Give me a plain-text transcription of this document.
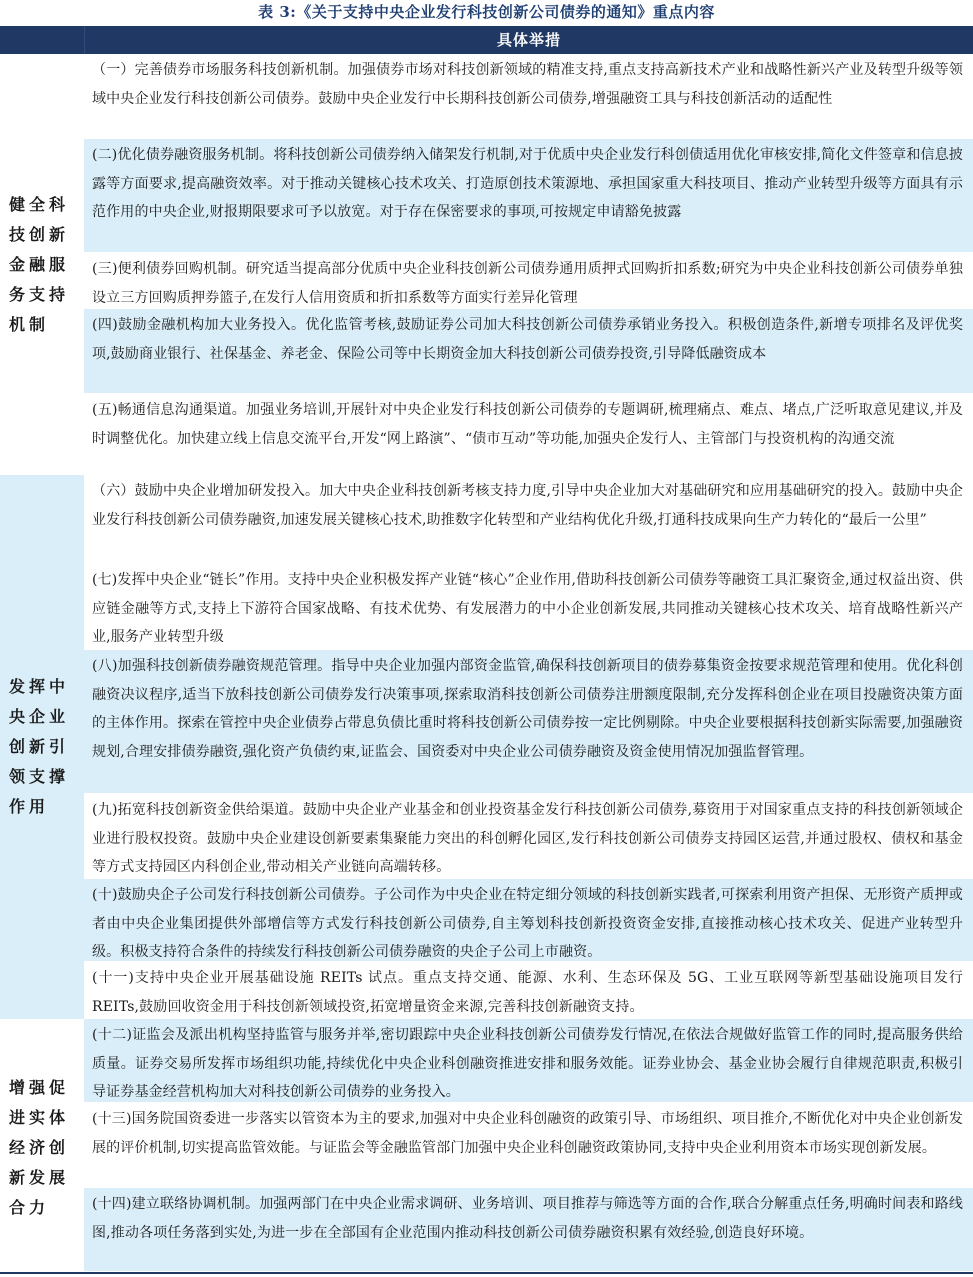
表 3:《关于支持中央企业发行科技创新公司债券的通知》重点内容
具体举措
健全科技创新金融服务支持机制
发挥中央企业创新引领支撑作用
增强促进实体经济创新发展合力
（一）完善债券市场服务科技创新机制。加强债券市场对科技创新领域的精准支持,重点支持高新技术产业和战略性新兴产业及转型升级等领域中央企业发行科技创新公司债券。鼓励中央企业发行中长期科技创新公司债券,增强融资工具与科技创新活动的适配性
(二)优化债券融资服务机制。将科技创新公司债券纳入储架发行机制,对于优质中央企业发行科创债适用优化审核安排,简化文件签章和信息披露等方面要求,提高融资效率。对于推动关键核心技术攻关、打造原创技术策源地、承担国家重大科技项目、推动产业转型升级等方面具有示范作用的中央企业,财报期限要求可予以放宽。对于存在保密要求的事项,可按规定申请豁免披露
(三)便利债券回购机制。研究适当提高部分优质中央企业科技创新公司债券通用质押式回购折扣系数;研究为中央企业科技创新公司债券单独设立三方回购质押券篮子,在发行人信用资质和折扣系数等方面实行差异化管理
(四)鼓励金融机构加大业务投入。优化监管考核,鼓励证券公司加大科技创新公司债券承销业务投入。积极创造条件,新增专项排名及评优奖项,鼓励商业银行、社保基金、养老金、保险公司等中长期资金加大科技创新公司债券投资,引导降低融资成本
(五)畅通信息沟通渠道。加强业务培训,开展针对中央企业发行科技创新公司债券的专题调研,梳理痛点、难点、堵点,广泛听取意见建议,并及时调整优化。加快建立线上信息交流平台,开发“网上路演”、“债市互动”等功能,加强央企发行人、主管部门与投资机构的沟通交流
（六）鼓励中央企业增加研发投入。加大中央企业科技创新考核支持力度,引导中央企业加大对基础研究和应用基础研究的投入。鼓励中央企业发行科技创新公司债券融资,加速发展关键核心技术,助推数字化转型和产业结构优化升级,打通科技成果向生产力转化的“最后一公里”
(七)发挥中央企业“链长”作用。支持中央企业积极发挥产业链“核心”企业作用,借助科技创新公司债券等融资工具汇聚资金,通过权益出资、供应链金融等方式,支持上下游符合国家战略、有技术优势、有发展潜力的中小企业创新发展,共同推动关键核心技术攻关、培育战略性新兴产业,服务产业转型升级
(八)加强科技创新债券融资规范管理。指导中央企业加强内部资金监管,确保科技创新项目的债券募集资金按要求规范管理和使用。优化科创融资决议程序,适当下放科技创新公司债券发行决策事项,探索取消科技创新公司债券注册额度限制,充分发挥科创企业在项目投融资决策方面的主体作用。探索在管控中央企业债券占带息负债比重时将科技创新公司债券按一定比例剔除。中央企业要根据科技创新实际需要,加强融资规划,合理安排债券融资,强化资产负债约束,证监会、国资委对中央企业公司债券融资及资金使用情况加强监督管理。
(九)拓宽科技创新资金供给渠道。鼓励中央企业产业基金和创业投资基金发行科技创新公司债券,募资用于对国家重点支持的科技创新领域企业进行股权投资。鼓励中央企业建设创新要素集聚能力突出的科创孵化园区,发行科技创新公司债券支持园区运营,并通过股权、债权和基金等方式支持园区内科创企业,带动相关产业链向高端转移。
(十)鼓励央企子公司发行科技创新公司债券。子公司作为中央企业在特定细分领域的科技创新实践者,可探索利用资产担保、无形资产质押或者由中央企业集团提供外部增信等方式发行科技创新公司债券,自主筹划科技创新投资资金安排,直接推动核心技术攻关、促进产业转型升级。积极支持符合条件的持续发行科技创新公司债券融资的央企子公司上市融资。
(十一)支持中央企业开展基础设施 REITs 试点。重点支持交通、能源、水利、生态环保及 5G、工业互联网等新型基础设施项目发行 REITs,鼓励回收资金用于科技创新领域投资,拓宽增量资金来源,完善科技创新融资支持。
(十二)证监会及派出机构坚持监管与服务并举,密切跟踪中央企业科技创新公司债券发行情况,在依法合规做好监管工作的同时,提高服务供给质量。证券交易所发挥市场组织功能,持续优化中央企业科创融资推进安排和服务效能。证券业协会、基金业协会履行自律规范职责,积极引导证券基金经营机构加大对科技创新公司债券的业务投入。
(十三)国务院国资委进一步落实以管资本为主的要求,加强对中央企业科创融资的政策引导、市场组织、项目推介,不断优化对中央企业创新发展的评价机制,切实提高监管效能。与证监会等金融监管部门加强中央企业科创融资政策协同,支持中央企业利用资本市场实现创新发展。
(十四)建立联络协调机制。加强两部门在中央企业需求调研、业务培训、项目推荐与筛选等方面的合作,联合分解重点任务,明确时间表和路线图,推动各项任务落到实处,为进一步在全部国有企业范围内推动科技创新公司债券融资积累有效经验,创造良好环境。
